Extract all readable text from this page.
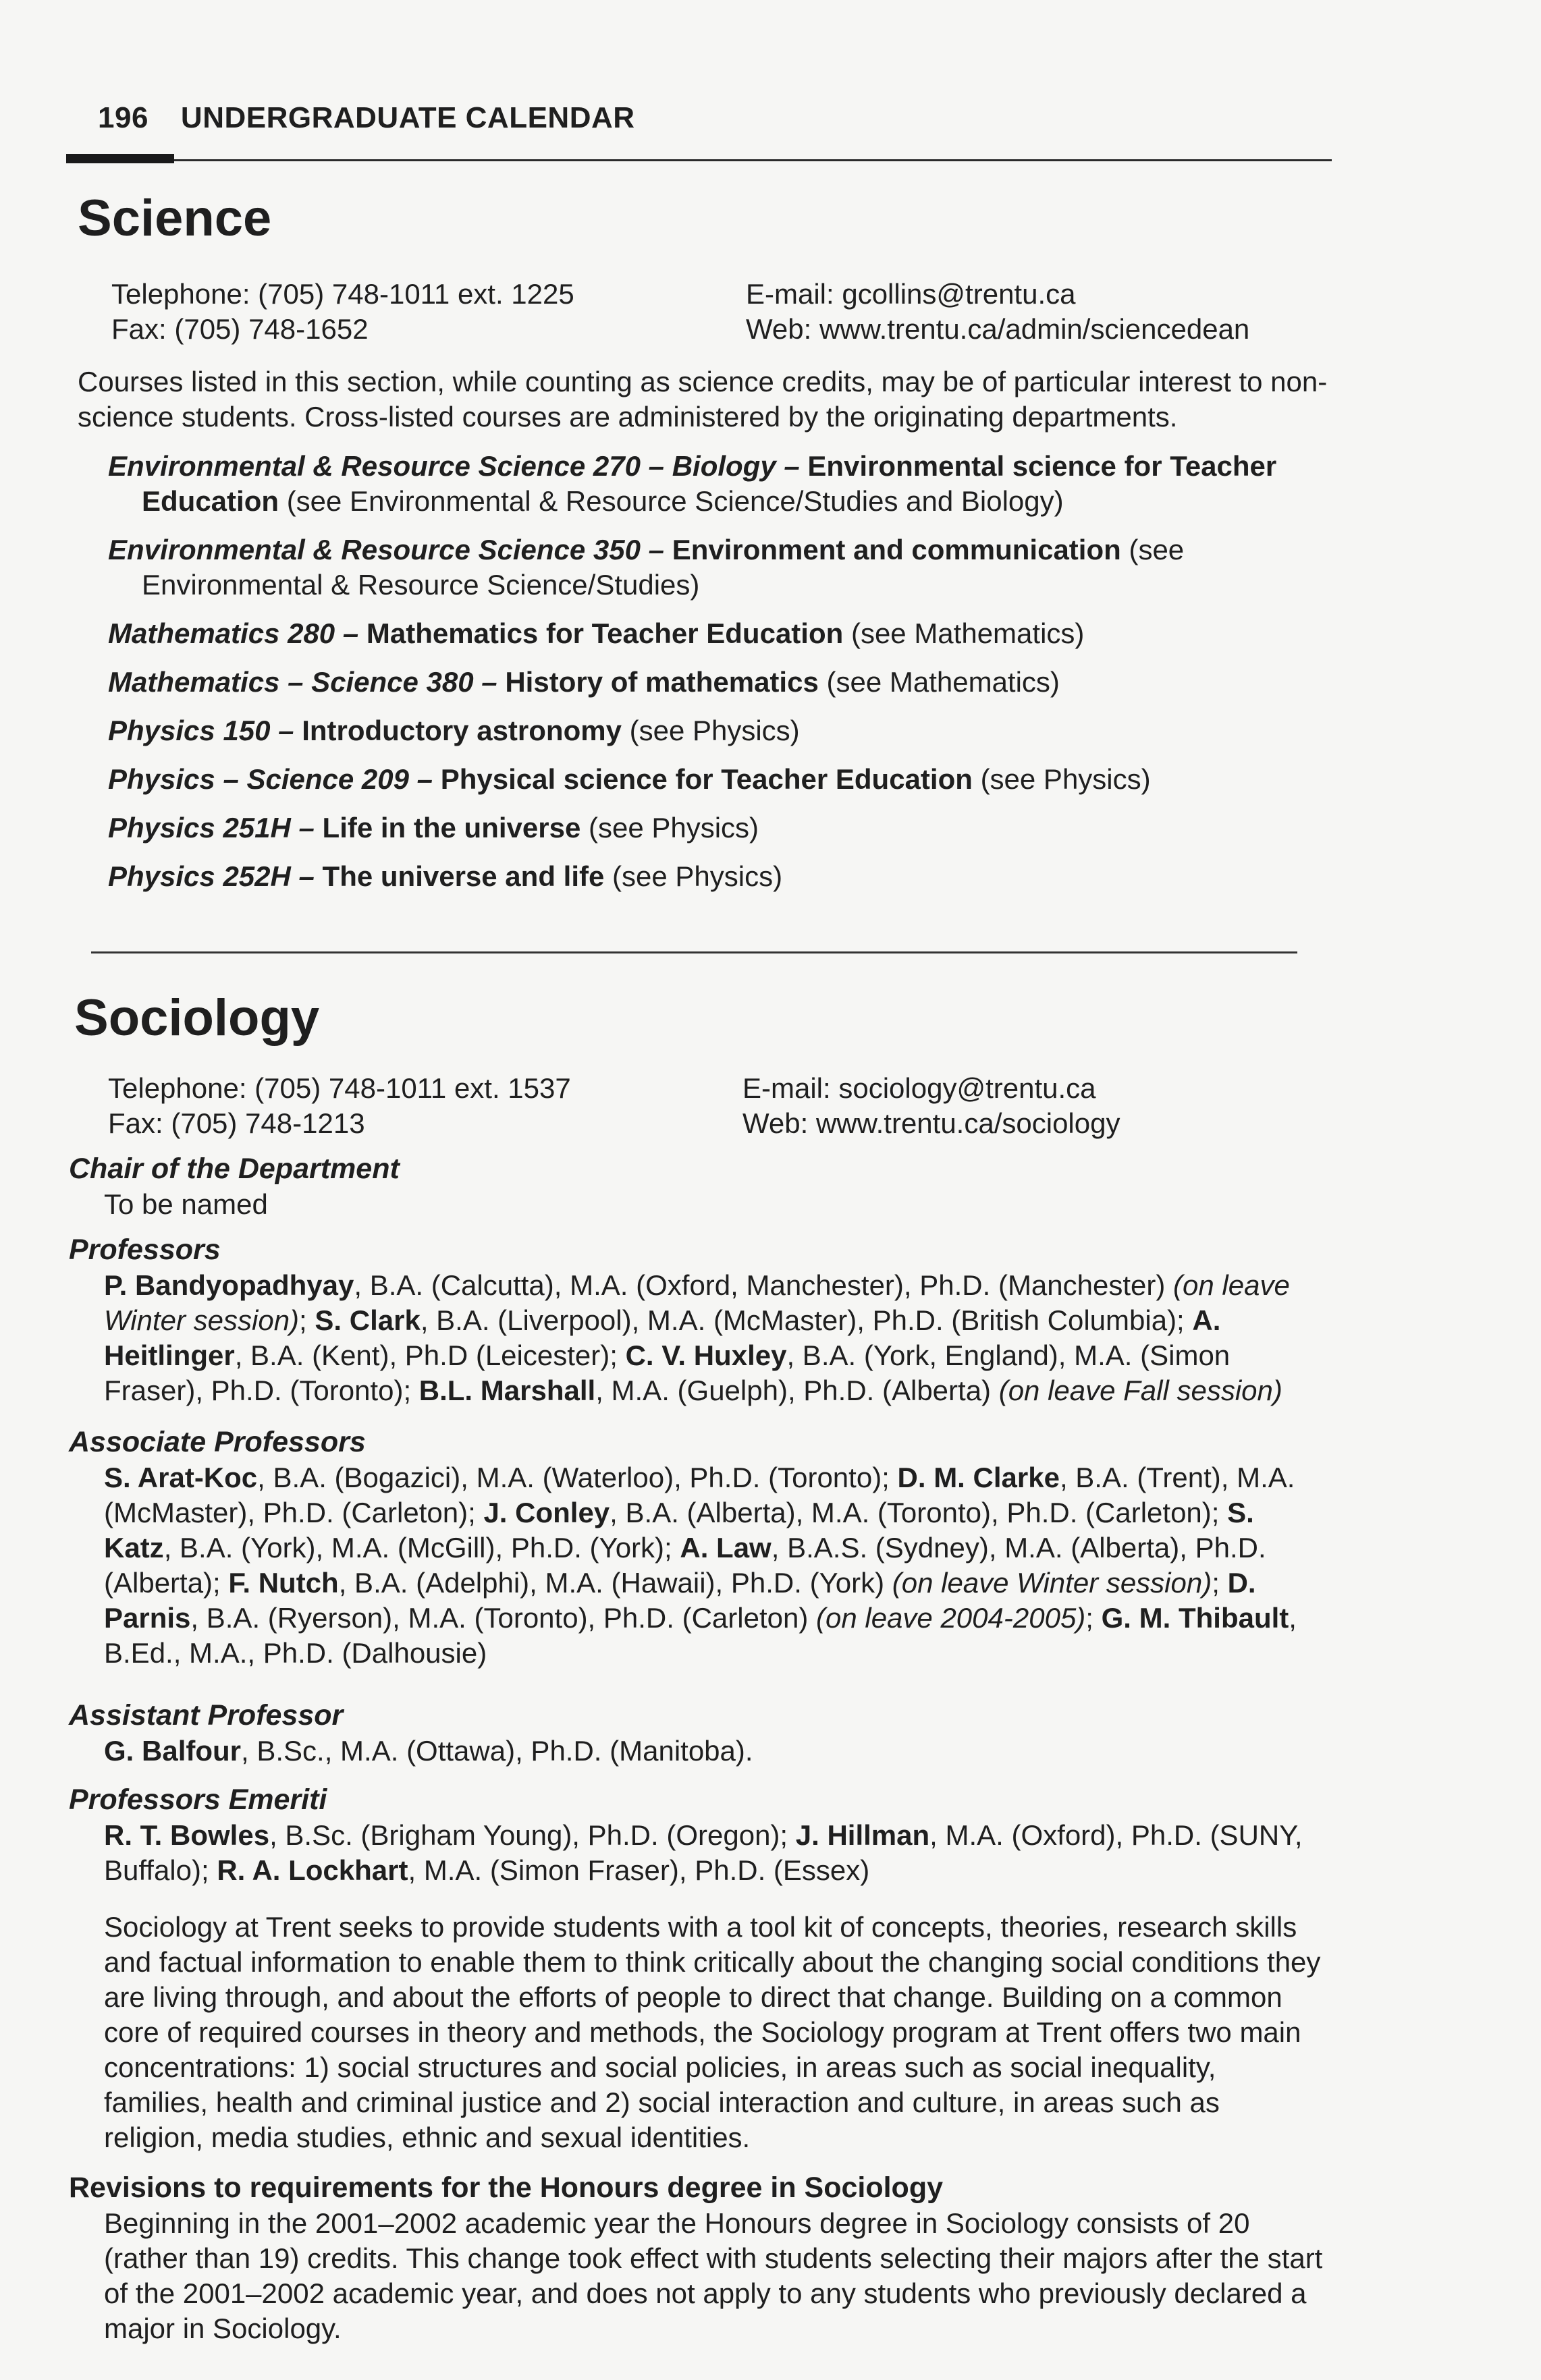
196 UNDERGRADUATE CALENDAR
Science
Telephone: (705) 748-1011 ext. 1225
Fax: (705) 748-1652
E-mail: gcollins@trentu.ca
Web: www.trentu.ca/admin/sciencedean
Courses listed in this section, while counting as science credits, may be of particular interest to non-science students. Cross-listed courses are administered by the originating departments.
Environmental & Resource Science 270 – Biology – Environmental science for Teacher Education (see Environmental & Resource Science/Studies and Biology)
Environmental & Resource Science 350 – Environment and communication (see Environmental & Resource Science/Studies)
Mathematics 280 – Mathematics for Teacher Education (see Mathematics)
Mathematics – Science 380 – History of mathematics (see Mathematics)
Physics 150 – Introductory astronomy (see Physics)
Physics – Science 209 – Physical science for Teacher Education (see Physics)
Physics 251H – Life in the universe (see Physics)
Physics 252H – The universe and life (see Physics)
Sociology
Telephone: (705) 748-1011 ext. 1537
Fax: (705) 748-1213
E-mail: sociology@trentu.ca
Web: www.trentu.ca/sociology
Chair of the Department
To be named
Professors
P. Bandyopadhyay, B.A. (Calcutta), M.A. (Oxford, Manchester), Ph.D. (Manchester) (on leave Winter session); S. Clark, B.A. (Liverpool), M.A. (McMaster), Ph.D. (British Columbia); A. Heitlinger, B.A. (Kent), Ph.D (Leicester); C. V. Huxley, B.A. (York, England), M.A. (Simon Fraser), Ph.D. (Toronto); B.L. Marshall, M.A. (Guelph), Ph.D. (Alberta) (on leave Fall session)
Associate Professors
S. Arat-Koc, B.A. (Bogazici), M.A. (Waterloo), Ph.D. (Toronto); D. M. Clarke, B.A. (Trent), M.A. (McMaster), Ph.D. (Carleton); J. Conley, B.A. (Alberta), M.A. (Toronto), Ph.D. (Carleton); S. Katz, B.A. (York), M.A. (McGill), Ph.D. (York); A. Law, B.A.S. (Sydney), M.A. (Alberta), Ph.D. (Alberta); F. Nutch, B.A. (Adelphi), M.A. (Hawaii), Ph.D. (York) (on leave Winter session); D. Parnis, B.A. (Ryerson), M.A. (Toronto), Ph.D. (Carleton) (on leave 2004-2005); G. M. Thibault, B.Ed., M.A., Ph.D. (Dalhousie)
Assistant Professor
G. Balfour, B.Sc., M.A. (Ottawa), Ph.D. (Manitoba).
Professors Emeriti
R. T. Bowles, B.Sc. (Brigham Young), Ph.D. (Oregon); J. Hillman, M.A. (Oxford), Ph.D. (SUNY, Buffalo); R. A. Lockhart, M.A. (Simon Fraser), Ph.D. (Essex)
Sociology at Trent seeks to provide students with a tool kit of concepts, theories, research skills and factual information to enable them to think critically about the changing social conditions they are living through, and about the efforts of people to direct that change. Building on a common core of required courses in theory and methods, the Sociology program at Trent offers two main concentrations: 1) social structures and social policies, in areas such as social inequality, families, health and criminal justice and 2) social interaction and culture, in areas such as religion, media studies, ethnic and sexual identities.
Revisions to requirements for the Honours degree in Sociology
Beginning in the 2001–2002 academic year the Honours degree in Sociology consists of 20 (rather than 19) credits. This change took effect with students selecting their majors after the start of the 2001–2002 academic year, and does not apply to any students who previously declared a major in Sociology.
